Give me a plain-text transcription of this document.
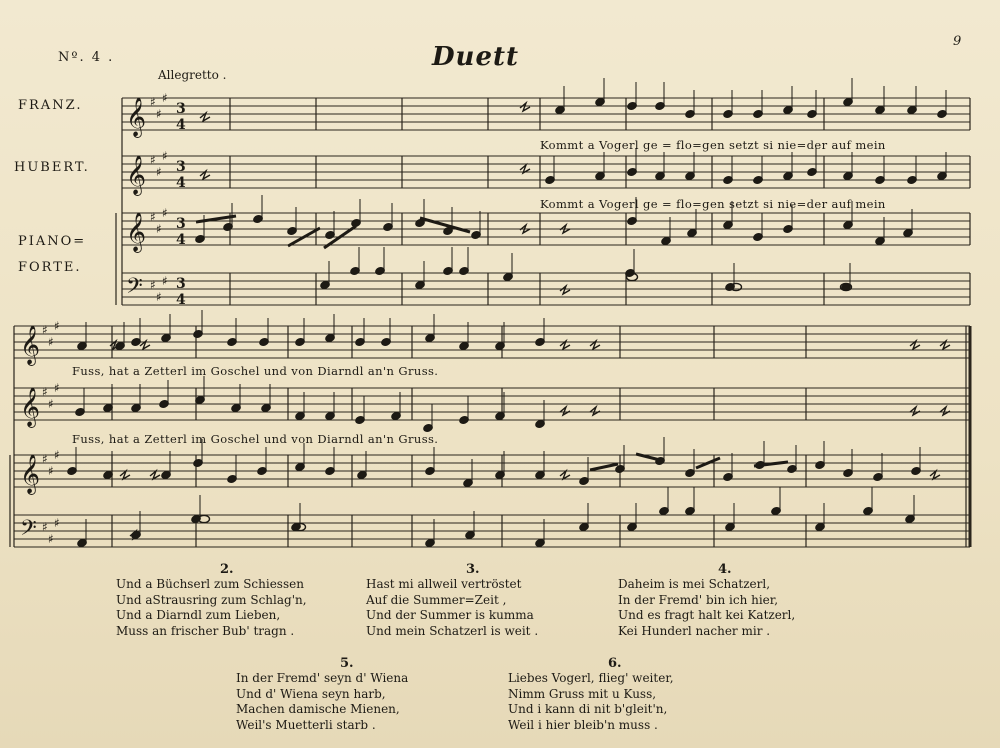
Nº. 4 .	Duett
9
Allegretto .
FRANZ.
HUBERT.
PIANO=
FORTE.
𝄞
𝄞
𝄞
𝄢
𝄞
𝄞
𝄞
𝄢
♯
♯
♯
♯
♯
♯
♯
♯
♯
♯
♯
♯
♯
♯
♯
♯
♯
♯
♯
♯
♯
♯
♯
♯
3
4
3
4
3
4
3
4
Kommt a Vogerl ge = flo=gen setzt si nie=der auf mein
Kommt a Vogerl ge = flo=gen setzt si nie=der auf mein
Fuss, hat a Zetterl im Goschel und von Diarndl an'n Gruss.
Fuss, hat a Zetterl im Goschel und von Diarndl an'n Gruss.
2.
Und a Büchserl zum Schiessen
Und aStrausring zum Schlag'n,
Und a Diarndl zum Lieben,
Muss an frischer Bub' tragn .
3.
Hast mi allweil vertröstet
Auf die Summer=Zeit ,
Und der Summer is kumma
Und mein Schatzerl is weit .
4.
Daheim is mei Schatzerl,
In der Fremd' bin ich hier,
Und es fragt halt kei Katzerl,
Kei Hunderl nacher mir .
5.
In der Fremd' seyn d' Wiena
Und d' Wiena seyn harb,
Machen damische Mienen,
Weil's Muetterli starb .
6.
Liebes Vogerl, flieg' weiter,
Nimm Gruss mit u Kuss,
Und i kann di nit b'gleit'n,
Weil i hier bleib'n muss .
